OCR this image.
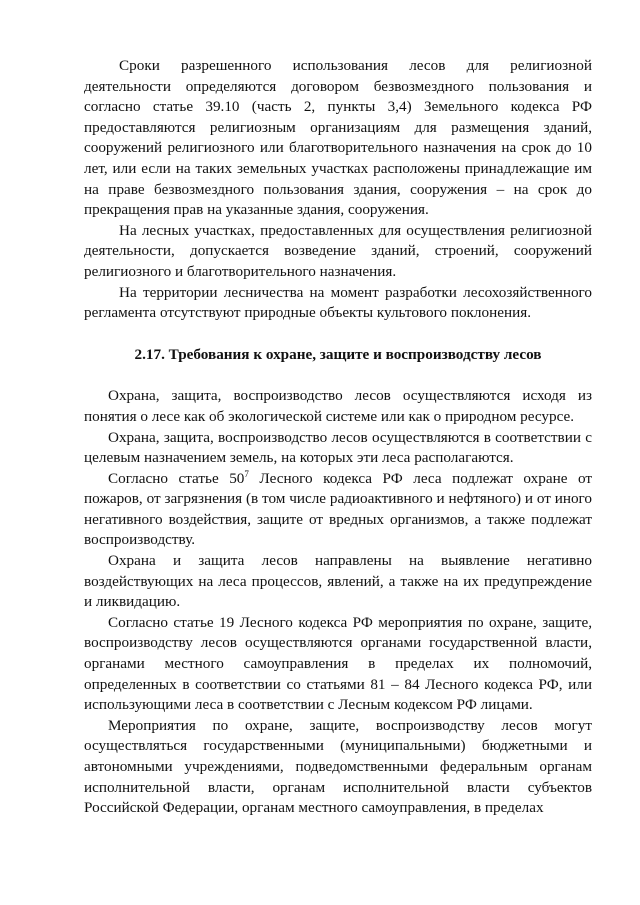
Сроки разрешенного использования лесов для религиозной деятельности определяются договором безвозмездного пользования и согласно статье 39.10 (часть 2, пункты 3,4) Земельного кодекса РФ предоставляются религиозным организациям для размещения зданий, сооружений религиозного или благотворительного назначения на срок до 10 лет, или если на таких земельных участках расположены принадлежащие им на праве безвозмездного пользования здания, сооружения – на срок до прекращения прав на указанные здания, сооружения.

На лесных участках, предоставленных для осуществления религиозной деятельности, допускается возведение зданий, строений, сооружений религиозного и благотворительного назначения.

На территории лесничества на момент разработки лесохозяйственного регламента отсутствуют природные объекты культового поклонения.

2.17. Требования к охране, защите и воспроизводству лесов

Охрана, защита, воспроизводство лесов осуществляются исходя из понятия о лесе как об экологической системе или как о природном ресурсе.

Охрана, защита, воспроизводство лесов осуществляются в соответствии с целевым назначением земель, на которых эти леса располагаются.

Согласно статье $50^7$ Лесного кодекса РФ леса подлежат охране от пожаров, от загрязнения (в том числе радиоактивного и нефтяного) и от иного негативного воздействия, защите от вредных организмов, а также подлежат воспроизводству.

Охрана и защита лесов направлены на выявление негативно воздействующих на леса процессов, явлений, а также на их предупреждение и ликвидацию.

Согласно статье 19 Лесного кодекса РФ мероприятия по охране, защите, воспроизводству лесов осуществляются органами государственной власти, органами местного самоуправления в пределах их полномочий, определенных в соответствии со статьями 81 – 84 Лесного кодекса РФ, или использующими леса в соответствии с Лесным кодексом РФ лицами.

Мероприятия по охране, защите, воспроизводству лесов могут осуществляться государственными (муниципальными) бюджетными и автономными учреждениями, подведомственными федеральным органам исполнительной власти, органам исполнительной власти субъектов Российской Федерации, органам местного самоуправления, в пределах
